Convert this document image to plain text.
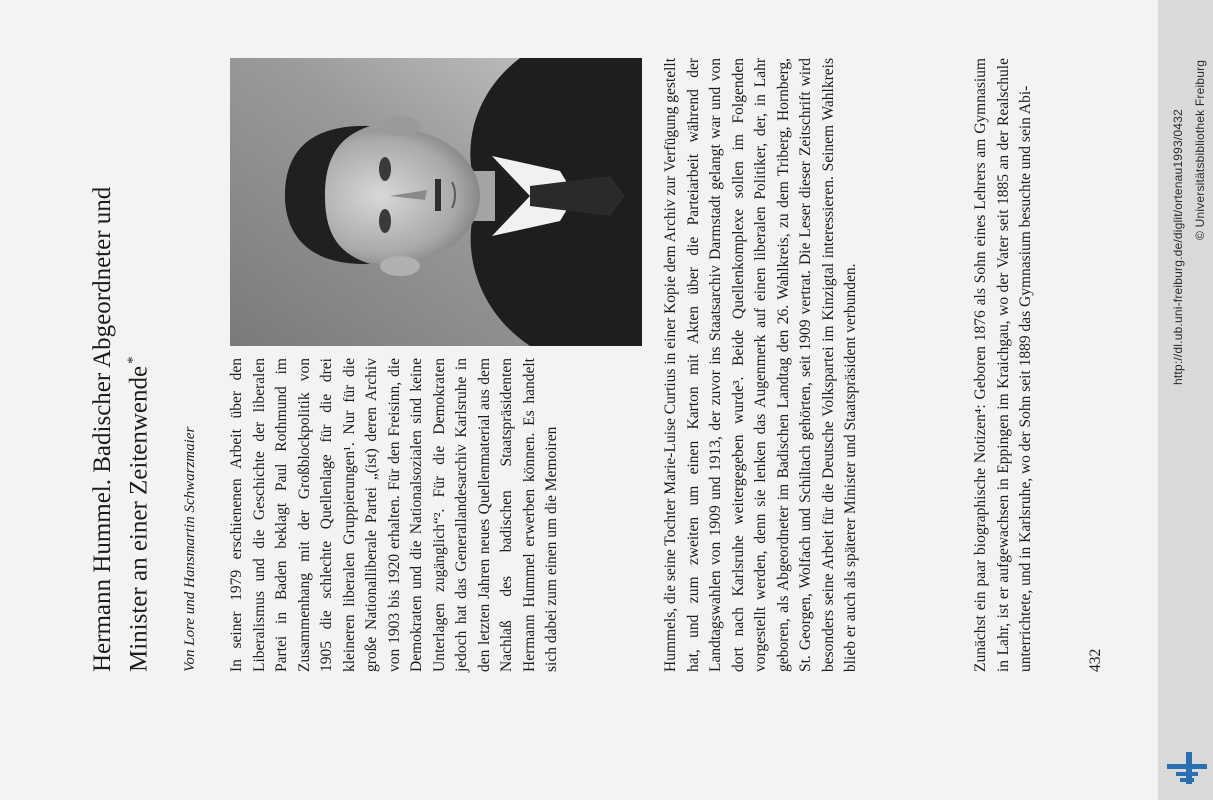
Hermann Hummel. Badischer Abgeordneter und Minister an einer Zeitenwende*
Von Lore und Hansmartin Schwarzmaier In seiner 1979 erschienenen Arbeit über den Liberalismus und die Geschichte der liberalen Partei in Baden beklagt Paul Rothmund im Zusammenhang mit der Großblockpolitik von 1905 die schlechte Quellenlage für die drei kleineren liberalen Gruppierungen¹. Nur für die große Nationalliberale Partei „(ist) deren Archiv von 1903 bis 1920 erhalten. Für den Freisinn, die Demokraten und die Nationalsozialen sind keine Unterlagen zugänglich“². Für die Demokraten jedoch hat das Generallandesarchiv Karlsruhe in den letzten Jahren neues Quellenmaterial aus dem Nachlaß des badischen Staatspräsidenten Hermann Hummel erwerben können. Es handelt sich dabei zum einen um die Memoiren	Hummels, die seine Tochter Marie-Luise Curtius in einer Kopie dem Archiv zur Verfügung gestellt hat, und zum zweiten um einen Karton mit Akten über die Parteiarbeit während der Landtagswahlen von 1909 und 1913, der zuvor ins Staatsarchiv Darmstadt gelangt war und von dort nach Karlsruhe weitergegeben wurde³. Beide Quellenkomplexe sollen im Folgenden vorgestellt werden, denn sie lenken das Augenmerk auf einen liberalen Politiker, der, in Lahr geboren, als Abgeordneter im Badischen Landtag den 26. Wahlkreis, zu dem Triberg, Hornberg, St. Georgen, Wolfach und Schiltach gehörten, seit 1909 vertrat. Die Leser dieser Zeitschrift wird besonders seine Arbeit für die Deutsche Volkspartei im Kinzigtal interessieren. Seinem Wahlkreis blieb er auch als späterer Minister und Staatspräsident verbunden.	Zunächst ein paar biographische Notizen⁴: Geboren 1876 als Sohn eines Lehrers am Gymnasium in Lahr, ist er aufgewachsen in Eppingen im Kraichgau, wo der Vater seit 1885 an der Realschule unterrichtete, und in Karlsruhe, wo der Sohn seit 1889 das Gymnasium besuchte und sein Abi-	432
http://dl.ub.uni-freiburg.de/diglit/ortenau1993/0432 © Universitätsbibliothek Freiburg
